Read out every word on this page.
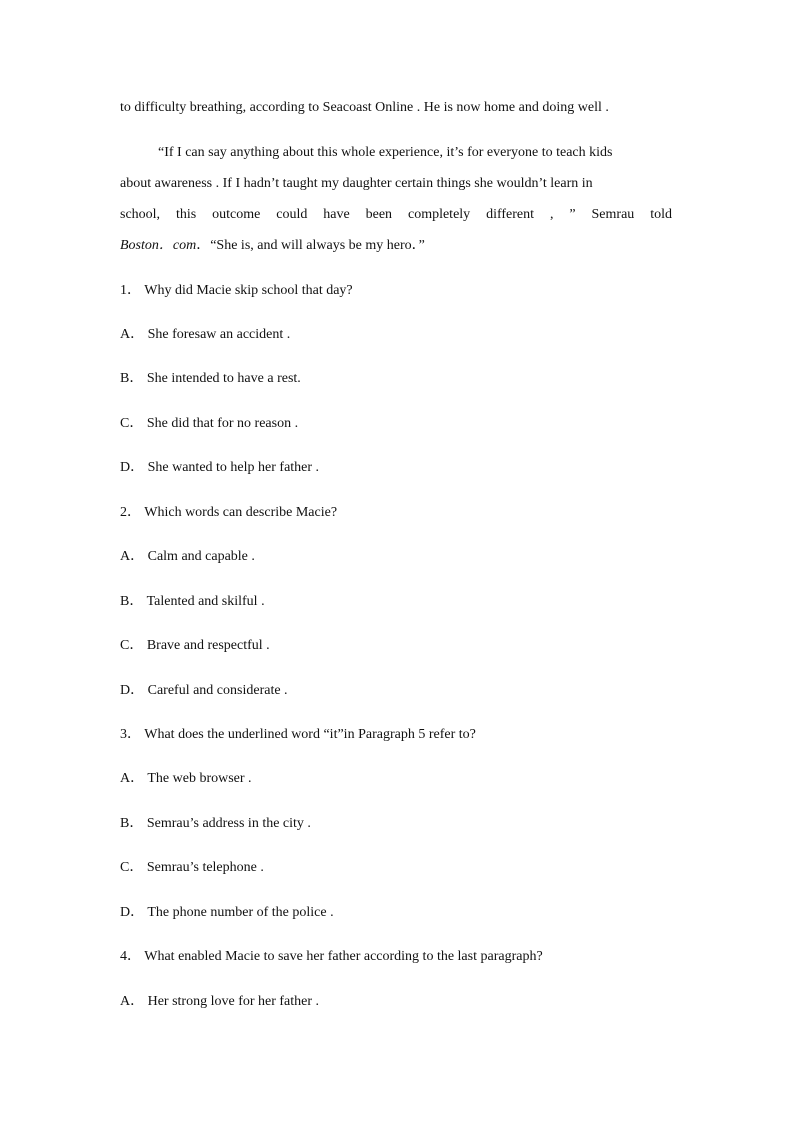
to difficulty breathing, according to Seacoast Online . He is now home and doing well .
“If I can say anything about this whole experience, it’s for everyone to teach kids
about awareness . If I hadn’t taught my daughter certain things she wouldn’t learn in
school, this outcome could have been completely different , ” Semrau told
Boston．com．“She is, and will always be my hero．”
1． Why did Macie skip school that day?
A． She foresaw an accident .
B． She intended to have a rest.
C． She did that for no reason .
D． She wanted to help her father .
2． Which words can describe Macie?
A． Calm and capable .
B． Talented and skilful .
C． Brave and respectful .
D． Careful and considerate .
3． What does the underlined word “it”in Paragraph 5 refer to?
A． The web browser .
B． Semrau’s address in the city .
C． Semrau’s telephone .
D． The phone number of the police .
4． What enabled Macie to save her father according to the last paragraph?
A． Her strong love for her father .
